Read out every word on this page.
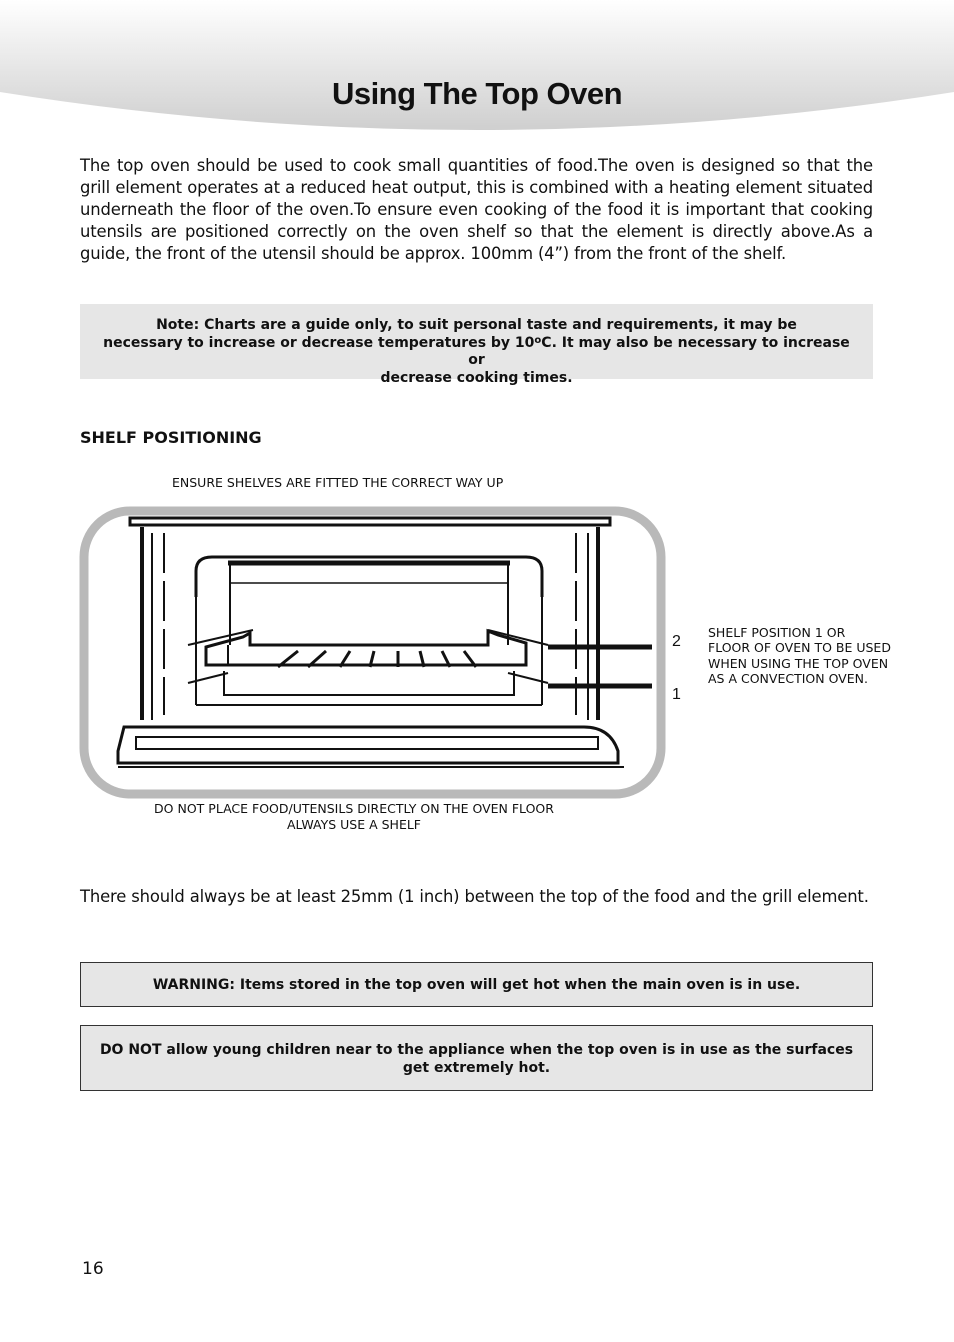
Using The Top Oven

The top oven should be used to cook small quantities of food.The oven is designed so that the grill element operates at a reduced heat output, this is combined with a heating element situated underneath the floor of the oven.To ensure even cooking of the food it is important that cooking utensils are positioned correctly on the oven shelf so that the element is directly above.As a guide, the front of the utensil should be approx. 100mm (4”) from the front of the shelf.

Note: Charts are a guide only, to suit personal taste and requirements, it may be
necessary to increase or decrease temperatures by 10$^o$C. It may also be necessary to increase or
decrease cooking times.
SHELF POSITIONING
ENSURE SHELVES ARE FITTED THE CORRECT WAY UP
2
1
SHELF POSITION 1 OR
FLOOR OF OVEN TO BE USED
WHEN USING THE TOP OVEN
AS A CONVECTION OVEN.
DO NOT PLACE FOOD/UTENSILS DIRECTLY ON THE OVEN FLOOR
ALWAYS USE A SHELF

There should always be at least 25mm (1 inch) between the top of the food and the grill element.

WARNING: Items stored in the top oven will get hot when the main oven is in use.
DO NOT allow young children near to the appliance when the top oven is in use as the surfaces get extremely hot.
16
